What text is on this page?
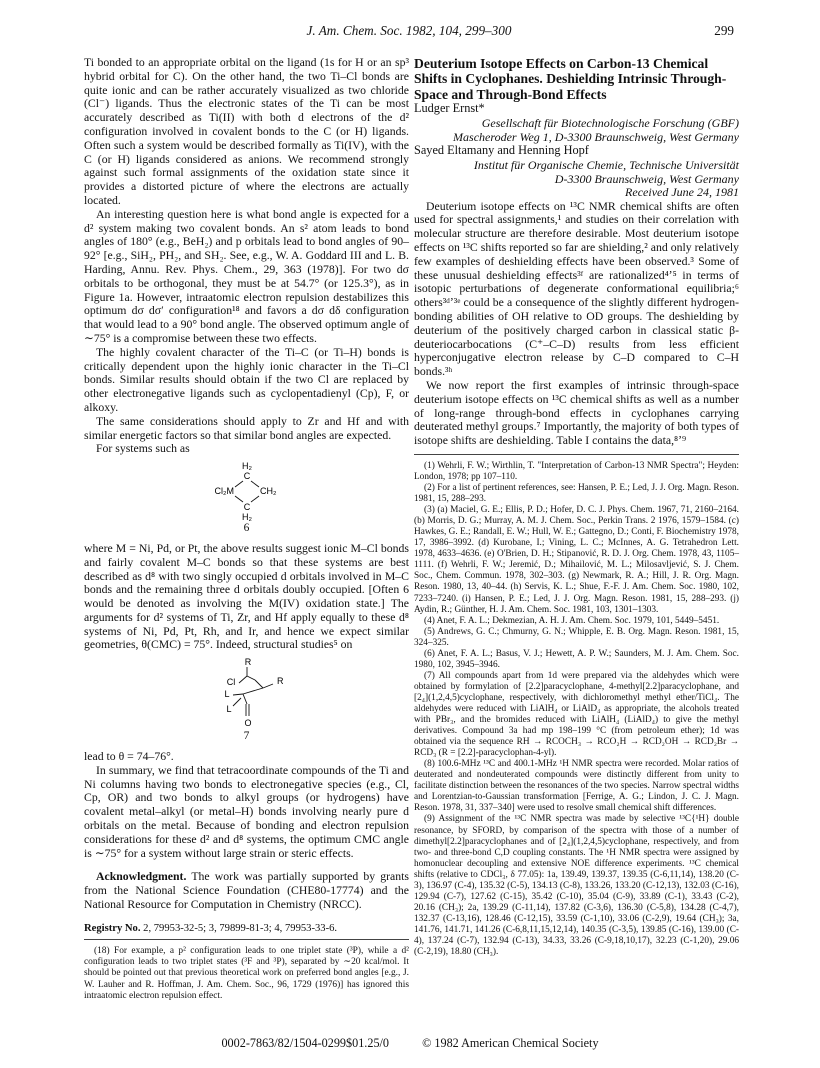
J. Am. Chem. Soc. 1982, 104, 299–300	299

Ti bonded to an appropriate orbital on the ligand (1s for H or an sp³ hybrid orbital for C). On the other hand, the two Ti–Cl bonds are quite ionic and can be rather accurately visualized as two chloride (Cl⁻) ligands. Thus the electronic states of the Ti can be most accurately described as Ti(II) with both d electrons of the d² configuration involved in covalent bonds to the C (or H) ligands. Often such a system would be described formally as Ti(IV), with the C (or H) ligands considered as anions. We recommend strongly against such formal assignments of the oxidation state since it provides a distorted picture of where the electrons are actually located.

An interesting question here is what bond angle is expected for a d² system making two covalent bonds. An s² atom leads to bond angles of 180° (e.g., BeH₂) and p orbitals lead to bond angles of 90–92° [e.g., SiH₂, PH₂, and SH₂. See, e.g., W. A. Goddard III and L. B. Harding, Annu. Rev. Phys. Chem., 29, 363 (1978)]. For two dσ orbitals to be orthogonal, they must be at 54.7° (or 125.3°), as in Figure 1a. However, intraatomic electron repulsion destabilizes this optimum dσ dσ′ configuration¹⁸ and favors a dσ dδ configuration that would lead to a 90° bond angle. The observed optimum angle of ∼75° is a compromise between these two effects.

The highly covalent character of the Ti–C (or Ti–H) bonds is critically dependent upon the highly ionic character in the Ti–Cl bonds. Similar results should obtain if the two Cl are replaced by other electronegative ligands such as cyclopentadienyl (Cp), F, or alkoxy.

The same considerations should apply to Zr and Hf and with similar energetic factors so that similar bond angles are expected.

For systems such as

H₂
C
Cl₂M	CH₂
C
H₂
6

where M = Ni, Pd, or Pt, the above results suggest ionic M–Cl bonds and fairly covalent M–C bonds so that these systems are best described as d⁸ with two singly occupied d orbitals involved in M–C bonds and the remaining three d orbitals doubly occupied. [Often 6 would be denoted as involving the M(IV) oxidation state.] The arguments for d² systems of Ti, Zr, and Hf apply equally to these d⁸ systems of Ni, Pd, Pt, Rh, and Ir, and hence we expect similar geometries, θ(CMC) = 75°. Indeed, structural studies⁵ on

R
Cl	R
L
L
O
7

lead to θ = 74–76°.

In summary, we find that tetracoordinate compounds of the Ti and Ni columns having two bonds to electronegative species (e.g., Cl, Cp, OR) and two bonds to alkyl groups (or hydrogens) have covalent metal–alkyl (or metal–H) bonds involving nearly pure d orbitals on the metal. Because of bonding and electron repulsion considerations for these d² and d⁸ systems, the optimum CMC angle is ∼75° for a system without large strain or steric effects.

Acknowledgment. The work was partially supported by grants from the National Science Foundation (CHE80-17774) and the National Resource for Computation in Chemistry (NRCC).

Registry No. 2, 79953-32-5; 3, 79899-81-3; 4, 79953-33-6.

(18) For example, a p² configuration leads to one triplet state (³P), while a d² configuration leads to two triplet states (³F and ³P), separated by ∼20 kcal/mol. It should be pointed out that previous theoretical work on preferred bond angles [e.g., J. W. Lauher and R. Hoffman, J. Am. Chem. Soc., 96, 1729 (1976)] has ignored this intraatomic electron repulsion effect.

Deuterium Isotope Effects on Carbon-13 Chemical Shifts in Cyclophanes. Deshielding Intrinsic Through-Space and Through-Bond Effects

Ludger Ernst*

Gesellschaft für Biotechnologische Forschung (GBF)

Mascheroder Weg 1, D-3300 Braunschweig, West Germany

Sayed Eltamany and Henning Hopf

Institut für Organische Chemie, Technische Universität

D-3300 Braunschweig, West Germany

Received June 24, 1981

Deuterium isotope effects on ¹³C NMR chemical shifts are often used for spectral assignments,¹ and studies on their correlation with molecular structure are therefore desirable. Most deuterium isotope effects on ¹³C shifts reported so far are shielding,² and only relatively few examples of deshielding effects have been observed.³ Some of these unusual deshielding effects³ᶠ are rationalized⁴ʼ⁵ in terms of isotopic perturbations of degenerate conformational equilibria;⁶ others³ᵈʼ³ᵉ could be a consequence of the slightly different hydrogen-bonding abilities of OH relative to OD groups. The deshielding by deuterium of the positively charged carbon in classical static β-deuteriocarbocations (C⁺–C–D) results from less efficient hyperconjugative electron release by C–D compared to C–H bonds.³ʰ

We now report the first examples of intrinsic through-space deuterium isotope effects on ¹³C chemical shifts as well as a number of long-range through-bond effects in cyclophanes carrying deuterated methyl groups.⁷ Importantly, the majority of both types of isotope shifts are deshielding. Table I contains the data,⁸ʼ⁹

(1) Wehrli, F. W.; Wirthlin, T. "Interpretation of Carbon-13 NMR Spectra"; Heyden: London, 1978; pp 107–110.

(2) For a list of pertinent references, see: Hansen, P. E.; Led, J. J. Org. Magn. Reson. 1981, 15, 288–293.

(3) (a) Maciel, G. E.; Ellis, P. D.; Hofer, D. C. J. Phys. Chem. 1967, 71, 2160–2164. (b) Morris, D. G.; Murray, A. M. J. Chem. Soc., Perkin Trans. 2 1976, 1579–1584. (c) Hawkes, G. E.; Randall, E. W.; Hull, W. E.; Gattegno, D.; Conti, F. Biochemistry 1978, 17, 3986–3992. (d) Kurobane, I.; Vining, L. C.; McInnes, A. G. Tetrahedron Lett. 1978, 4633–4636. (e) O'Brien, D. H.; Stipanović, R. D. J. Org. Chem. 1978, 43, 1105–1111. (f) Wehrli, F. W.; Jeremić, D.; Mihailović, M. L.; Milosavljević, S. J. Chem. Soc., Chem. Commun. 1978, 302–303. (g) Newmark, R. A.; Hill, J. R. Org. Magn. Reson. 1980, 13, 40–44. (h) Servis, K. L.; Shue, F.-F. J. Am. Chem. Soc. 1980, 102, 7233–7240. (i) Hansen, P. E.; Led, J. J. Org. Magn. Reson. 1981, 15, 288–293. (j) Aydin, R.; Günther, H. J. Am. Chem. Soc. 1981, 103, 1301–1303.

(4) Anet, F. A. L.; Dekmezian, A. H. J. Am. Chem. Soc. 1979, 101, 5449–5451.

(5) Andrews, G. C.; Chmurny, G. N.; Whipple, E. B. Org. Magn. Reson. 1981, 15, 324–325.

(6) Anet, F. A. L.; Basus, V. J.; Hewett, A. P. W.; Saunders, M. J. Am. Chem. Soc. 1980, 102, 3945–3946.

(7) All compounds apart from 1d were prepared via the aldehydes which were obtained by formylation of [2.2]paracyclophane, 4-methyl[2.2]paracyclophane, and [2₄](1,2,4,5)cyclophane, respectively, with dichloromethyl methyl ether/TiCl₄. The aldehydes were reduced with LiAlH₄ or LiAlD₄ as appropriate, the alcohols treated with PBr₃, and the bromides reduced with LiAlH₄ (LiAlD₄) to give the methyl derivatives. Compound 3a had mp 198–199 °C (from petroleum ether); 1d was obtained via the sequence RH → RCOCH₃ → RCO₂H → RCD₂OH → RCD₂Br → RCD₃ (R = [2.2]-paracyclophan-4-yl).

(8) 100.6-MHz ¹³C and 400.1-MHz ¹H NMR spectra were recorded. Molar ratios of deuterated and nondeuterated compounds were distinctly different from unity to facilitate distinction between the resonances of the two species. Narrow spectral widths and Lorentzian-to-Gaussian transformation [Ferrige, A. G.; Lindon, J. C. J. Magn. Reson. 1978, 31, 337–340] were used to resolve small chemical shift differences.

(9) Assignment of the ¹³C NMR spectra was made by selective ¹³C{¹H} double resonance, by SFORD, by comparison of the spectra with those of a number of dimethyl[2.2]paracyclophanes and of [2₄](1,2,4,5)cyclophane, respectively, and from two- and three-bond C,D coupling constants. The ¹H NMR spectra were assigned by homonuclear decoupling and extensive NOE difference experiments. ¹³C chemical shifts (relative to CDCl₃, δ 77.05): 1a, 139.49, 139.37, 139.35 (C-6,11,14), 138.20 (C-3), 136.97 (C-4), 135.32 (C-5), 134.13 (C-8), 133.26, 133.20 (C-12,13), 132.03 (C-16), 129.94 (C-7), 127.62 (C-15), 35.42 (C-10), 35.04 (C-9), 33.89 (C-1), 33.43 (C-2), 20.16 (CH₃); 2a, 139.29 (C-11,14), 137.82 (C-3,6), 136.30 (C-5,8), 134.28 (C-4,7), 132.37 (C-13,16), 128.46 (C-12,15), 33.59 (C-1,10), 33.06 (C-2,9), 19.64 (CH₃); 3a, 141.76, 141.71, 141.26 (C-6,8,11,15,12,14), 140.35 (C-3,5), 139.85 (C-16), 139.00 (C-4), 137.24 (C-7), 132.94 (C-13), 34.33, 33.26 (C-9,18,10,17), 32.23 (C-1,20), 29.06 (C-2,19), 18.80 (CH₃).

0002-7863/82/1504-0299$01.25/0	© 1982 American Chemical Society
